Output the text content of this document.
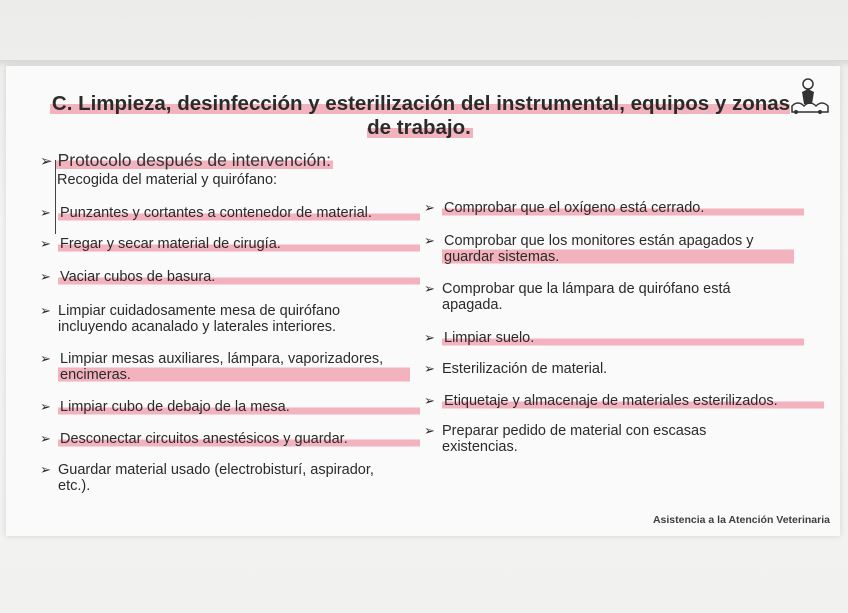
C. Limpieza, desinfección y esterilización del instrumental, equipos y zonas de trabajo.
➢ Protocolo después de intervención:
Recogida del material y quirófano:
➢ Punzantes y cortantes a contenedor de material.
➢ Fregar y secar material de cirugía.
➢ Vaciar cubos de basura.
➢ Limpiar cuidadosamente mesa de quirófano incluyendo acanalado y laterales interiores.
➢ Limpiar mesas auxiliares, lámpara, vaporizadores, encimeras.
➢ Limpiar cubo de debajo de la mesa.
➢ Desconectar circuitos anestésicos y guardar.
➢ Guardar material usado (electrobisturí, aspirador, etc.).
➢ Comprobar que el oxígeno está cerrado.
➢ Comprobar que los monitores están apagados y guardar sistemas.
➢ Comprobar que la lámpara de quirófano está apagada.
➢ Limpiar suelo.
➢ Esterilización de material.
➢ Etiquetaje y almacenaje de materiales esterilizados.
➢ Preparar pedido de material con escasas existencias.
Asistencia a la Atención Veterinaria
